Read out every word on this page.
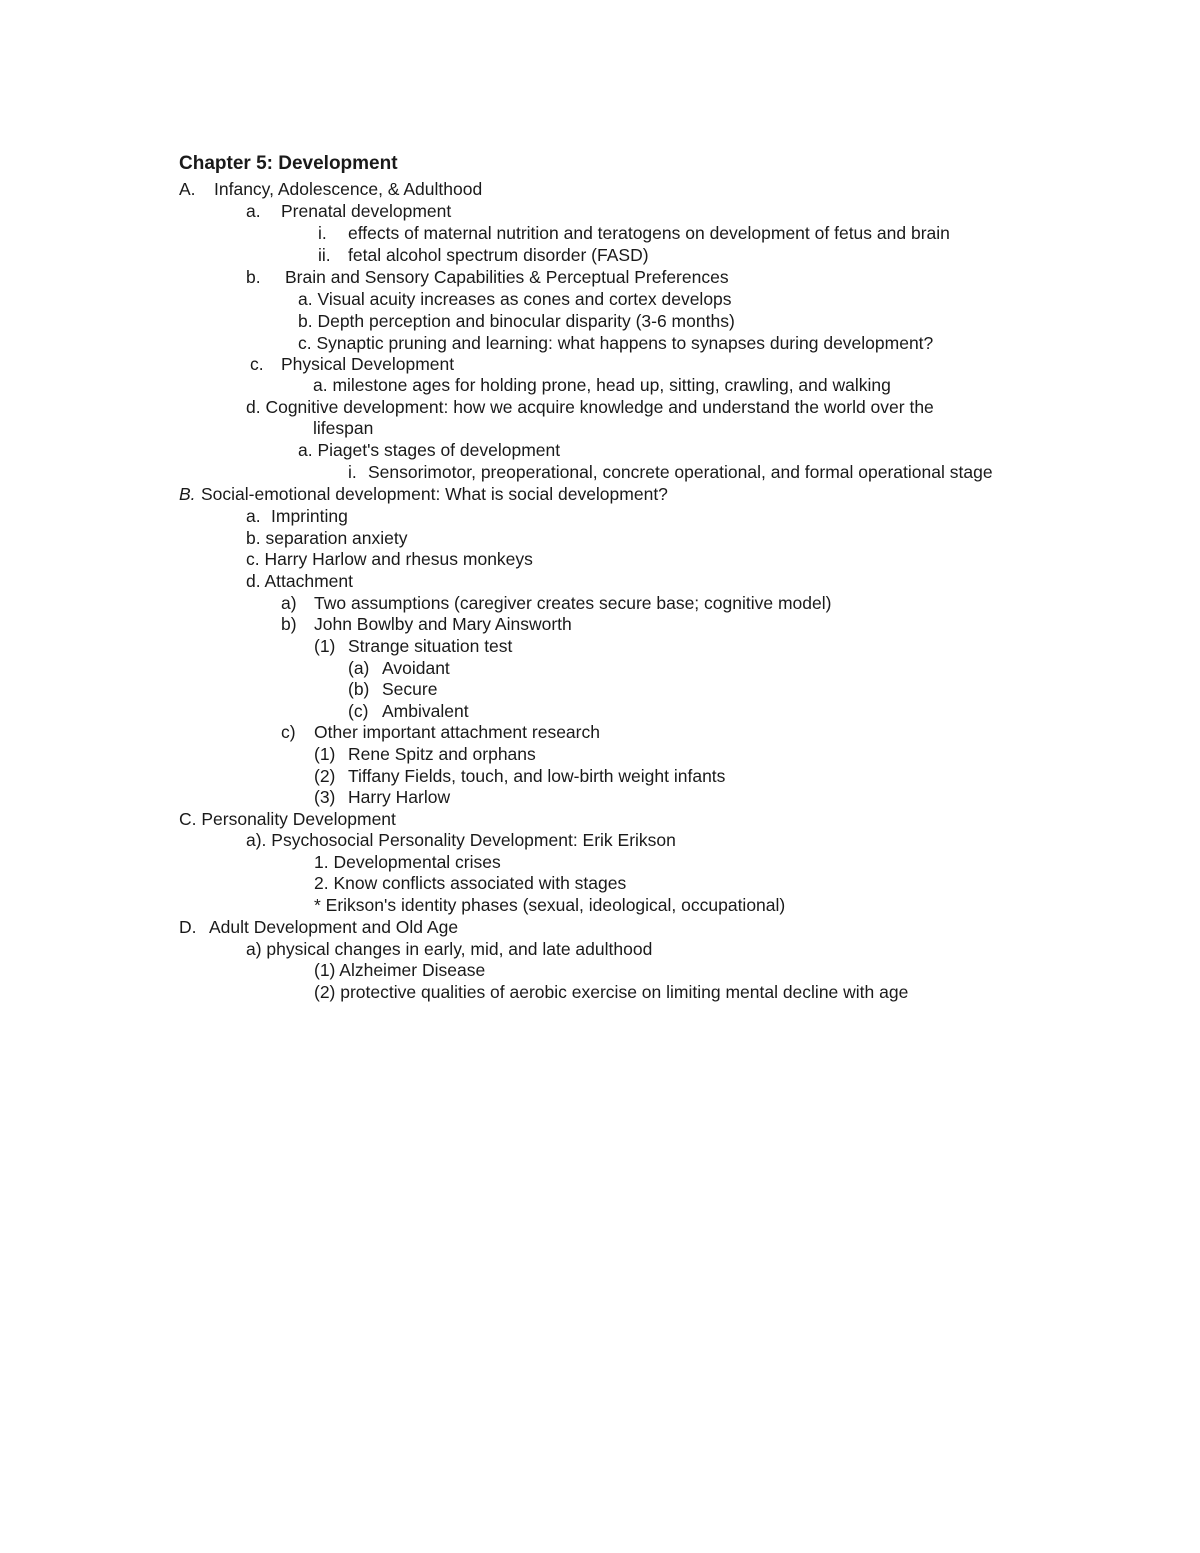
Chapter 5: Development
A. Infancy, Adolescence, & Adulthood
a. Prenatal development
i. effects of maternal nutrition and teratogens on development of fetus and brain
ii. fetal alcohol spectrum disorder (FASD)
b. Brain and Sensory Capabilities & Perceptual Preferences
a. Visual acuity increases as cones and cortex develops
b. Depth perception and binocular disparity (3-6 months)
c. Synaptic pruning and learning: what happens to synapses during development?
c. Physical Development
a. milestone ages for holding prone, head up, sitting, crawling, and walking
d. Cognitive development: how we acquire knowledge and understand the world over the
lifespan
a. Piaget's stages of development
i. Sensorimotor, preoperational, concrete operational, and formal operational stage
B. Social-emotional development: What is social development?
a. Imprinting
b. separation anxiety
c. Harry Harlow and rhesus monkeys
d. Attachment
a) Two assumptions (caregiver creates secure base; cognitive model)
b) John Bowlby and Mary Ainsworth
(1) Strange situation test
(a) Avoidant
(b) Secure
(c) Ambivalent
c) Other important attachment research
(1) Rene Spitz and orphans
(2) Tiffany Fields, touch, and low-birth weight infants
(3) Harry Harlow
C. Personality Development
a). Psychosocial Personality Development: Erik Erikson
1. Developmental crises
2. Know conflicts associated with stages
* Erikson's identity phases (sexual, ideological, occupational)
D. Adult Development and Old Age
a) physical changes in early, mid, and late adulthood
(1) Alzheimer Disease
(2) protective qualities of aerobic exercise on limiting mental decline with age
